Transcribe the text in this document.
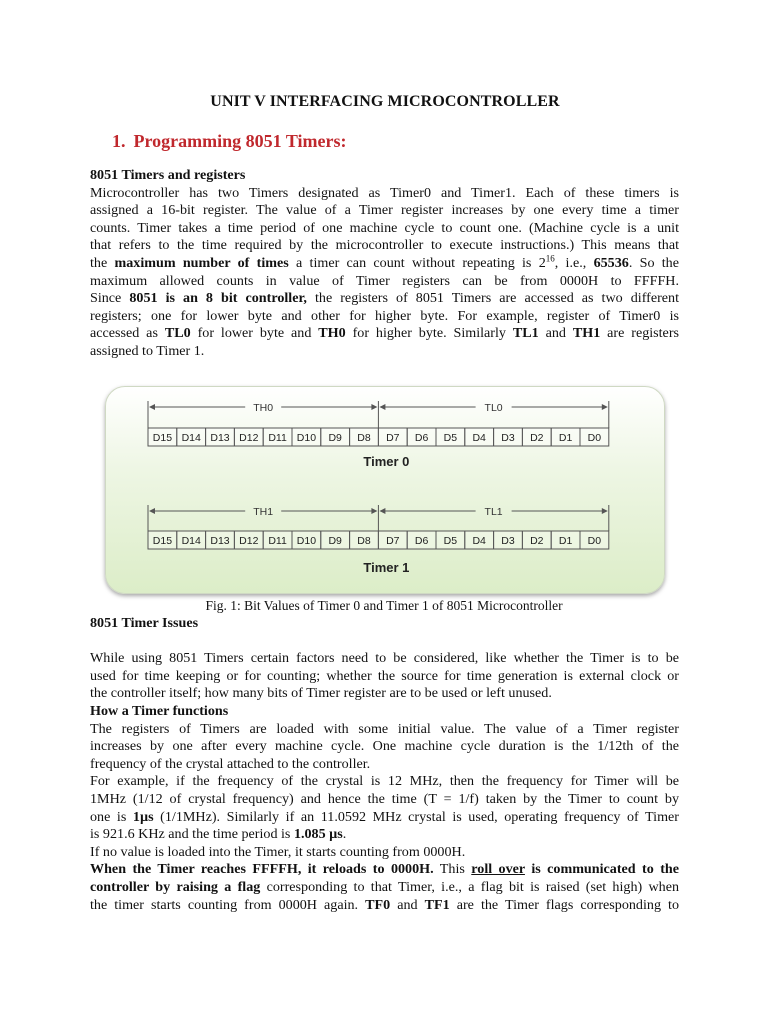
UNIT V INTERFACING MICROCONTROLLER
1. Programming 8051 Timers:
8051 Timers and registers
Microcontroller has two Timers designated as Timer0 and Timer1. Each of these timers is
assigned a 16-bit register. The value of a Timer register increases by one every time a timer
counts. Timer takes a time period of one machine cycle to count one. (Machine cycle is a unit
that refers to the time required by the microcontroller to execute instructions.) This means that
the maximum number of times a timer can count without repeating is $2^{16}$, i.e., 65536. So the
maximum allowed counts in value of Timer registers can be from 0000H to FFFFH.
Since 8051 is an 8 bit controller, the registers of 8051 Timers are accessed as two different
registers; one for lower byte and other for higher byte. For example, register of Timer0 is
accessed as TL0 for lower byte and TH0 for higher byte. Similarly TL1 and TH1 are registers
assigned to Timer 1.
TH0	TL0
D15 D14 D13 D12 D11 D10 D9 D8 D7 D6 D5 D4 D3 D2 D1 D0
Timer 0
TH1	TL1
D15 D14 D13 D12 D11 D10 D9 D8 D7 D6 D5 D4 D3 D2 D1 D0
Timer 1
Fig. 1: Bit Values of Timer 0 and Timer 1 of 8051 Microcontroller
8051 Timer Issues
While using 8051 Timers certain factors need to be considered, like whether the Timer is to be
used for time keeping or for counting; whether the source for time generation is external clock or
the controller itself; how many bits of Timer register are to be used or left unused.
How a Timer functions
The registers of Timers are loaded with some initial value. The value of a Timer register
increases by one after every machine cycle. One machine cycle duration is the 1/12th of the
frequency of the crystal attached to the controller.
For example, if the frequency of the crystal is 12 MHz, then the frequency for Timer will be
1MHz (1/12 of crystal frequency) and hence the time (T = 1/f) taken by the Timer to count by
one is 1µs (1/1MHz). Similarly if an 11.0592 MHz crystal is used, operating frequency of Timer
is 921.6 KHz and the time period is 1.085 µs.
If no value is loaded into the Timer, it starts counting from 0000H.
When the Timer reaches FFFFH, it reloads to 0000H. This roll over is communicated to the
controller by raising a flag corresponding to that Timer, i.e., a flag bit is raised (set high) when
the timer starts counting from 0000H again. TF0 and TF1 are the Timer flags corresponding to
